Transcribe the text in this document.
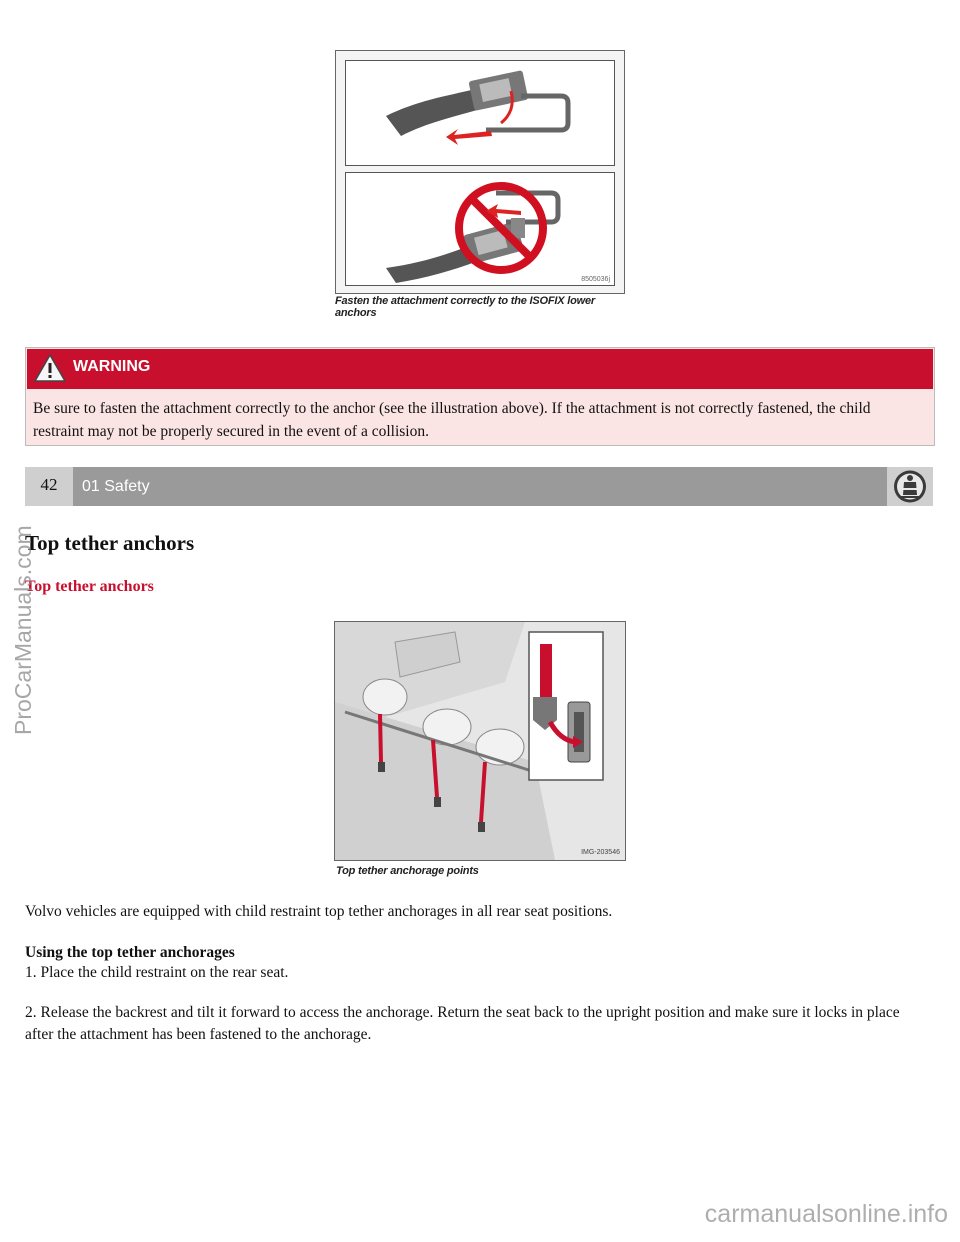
8505036j
Fasten the attachment correctly to the ISOFIX lower anchors
WARNING
Be sure to fasten the attachment correctly to the anchor (see the illustration above). If the attachment is not correctly fastened, the child restraint may not be properly secured in the event of a collision.
42	01 Safety
Top tether anchors
Top tether anchors
IMG-203546
Top tether anchorage points
Volvo vehicles are equipped with child restraint top tether anchorages in all rear seat positions.
Using the top tether anchorages
1. Place the child restraint on the rear seat.
2. Release the backrest and tilt it forward to access the anchorage. Return the seat back to the upright position and make sure it locks in place after the attachment has been fastened to the anchorage.
ProCarManuals.com
carmanualsonline.info
